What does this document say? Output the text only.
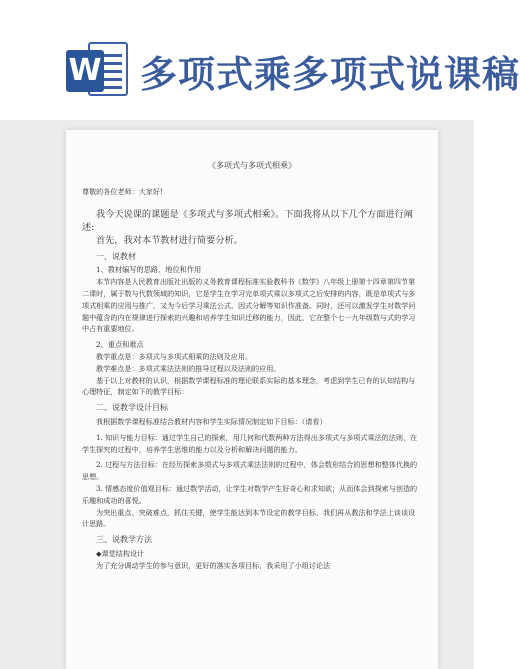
W 多项式乘多项式说课稿

《多项式与多项式相乘》

尊敬的各位老师：大家好!

我今天说课的课题是《多项式与多项式相乘》。下面我将从以下几个方面进行阐述:

首先，我对本节教材进行简要分析。

一、说教材

1、教材编写的思路、地位和作用

本节内容是人民教育出版社出版的义务教育课程标准实验教科书《数学》八年级上册第十四章第四节第二课时，属于数与代数领域的知识，它是学生在学习完单项式乘以多项式之后安排的内容，既是单项式与多项式相乘的应用与推广，又为今后学习乘法公式，因式分解等知识作准备。同时，还可以激发学生对数学问题中蕴含的内在规律进行探索的兴趣和培养学生知识迁移的能力，因此，它在整个七一九年级数与式的学习中占有重要地位。

2、重点和难点

教学重点是：多项式与多项式相乘的法则及应用。

教学难点是：多项式乘法法则的推导过程以及法则的应用。

基于以上对教材的认识，根据数学课程标准的理论联系实际的基本理念，考虑到学生已有的认知结构与心理特征，制定如下的教学目标：

二、说教学设计目标

我根据数学课程标准结合教材内容和学生实际情况制定如下目标：（请看）

1. 知识与能力目标：通过学生自己的探索，用几何和代数两种方法得出多项式与多项式乘法的法则，在学生探究的过程中，培养学生思维的能力以及分析和解决问题的能力。

2. 过程与方法目标：在经历探索多项式与多项式乘法法则的过程中，体会数形结合的思想和整体代换的思想。

3. 情感态度价值观目标：通过数学活动，让学生对数学产生好奇心和求知欲；从而体会到探索与创造的乐趣和成功的喜悦。

为突出重点、突破难点，抓住关键，使学生能达到本节设定的教学目标，我们再从教法和学法上谈谈设计思路。

三、说教学方法

◆课堂结构设计

为了充分调动学生的参与意识，更好的落实各项目标，我采用了小组讨论法
